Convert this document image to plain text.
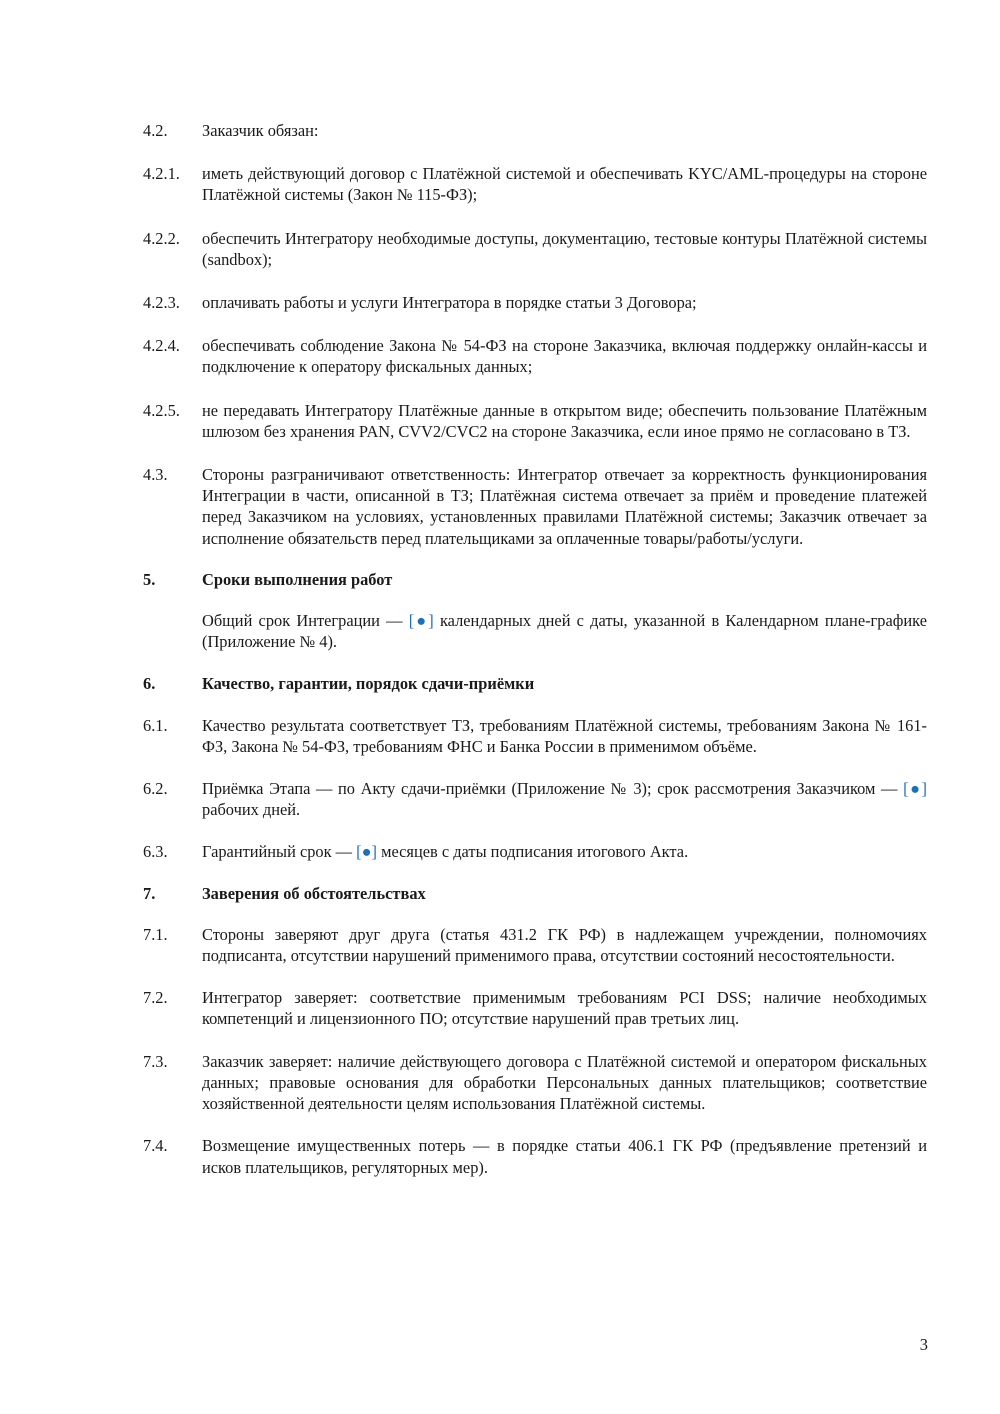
4.2.	Заказчик обязан:
4.2.1.	иметь действующий договор с Платёжной системой и обеспечивать KYC/AML-процедуры на стороне Платёжной системы (Закон № 115-ФЗ);
4.2.2.	обеспечить Интегратору необходимые доступы, документацию, тестовые контуры Платёжной системы (sandbox);
4.2.3.	оплачивать работы и услуги Интегратора в порядке статьи 3 Договора;
4.2.4.	обеспечивать соблюдение Закона № 54-ФЗ на стороне Заказчика, включая поддержку онлайн-кассы и подключение к оператору фискальных данных;
4.2.5.	не передавать Интегратору Платёжные данные в открытом виде; обеспечить пользование Платёжным шлюзом без хранения PAN, CVV2/CVC2 на стороне Заказчика, если иное прямо не согласовано в ТЗ.
4.3.	Стороны разграничивают ответственность: Интегратор отвечает за корректность функционирования Интеграции в части, описанной в ТЗ; Платёжная система отвечает за приём и проведение платежей перед Заказчиком на условиях, установленных правилами Платёжной системы; Заказчик отвечает за исполнение обязательств перед плательщиками за оплаченные товары/работы/услуги.
5.	Сроки выполнения работ
Общий срок Интеграции — [●] календарных дней с даты, указанной в Календарном плане-графике (Приложение № 4).
6.	Качество, гарантии, порядок сдачи-приёмки
6.1.	Качество результата соответствует ТЗ, требованиям Платёжной системы, требованиям Закона № 161-ФЗ, Закона № 54-ФЗ, требованиям ФНС и Банка России в применимом объёме.
6.2.	Приёмка Этапа — по Акту сдачи-приёмки (Приложение № 3); срок рассмотрения Заказчиком — [●] рабочих дней.
6.3.	Гарантийный срок — [●] месяцев с даты подписания итогового Акта.
7.	Заверения об обстоятельствах
7.1.	Стороны заверяют друг друга (статья 431.2 ГК РФ) в надлежащем учреждении, полномочиях подписанта, отсутствии нарушений применимого права, отсутствии состояний несостоятельности.
7.2.	Интегратор заверяет: соответствие применимым требованиям PCI DSS; наличие необходимых компетенций и лицензионного ПО; отсутствие нарушений прав третьих лиц.
7.3.	Заказчик заверяет: наличие действующего договора с Платёжной системой и оператором фискальных данных; правовые основания для обработки Персональных данных плательщиков; соответствие хозяйственной деятельности целям использования Платёжной системы.
7.4.	Возмещение имущественных потерь — в порядке статьи 406.1 ГК РФ (предъявление претензий и исков плательщиков, регуляторных мер).
3
